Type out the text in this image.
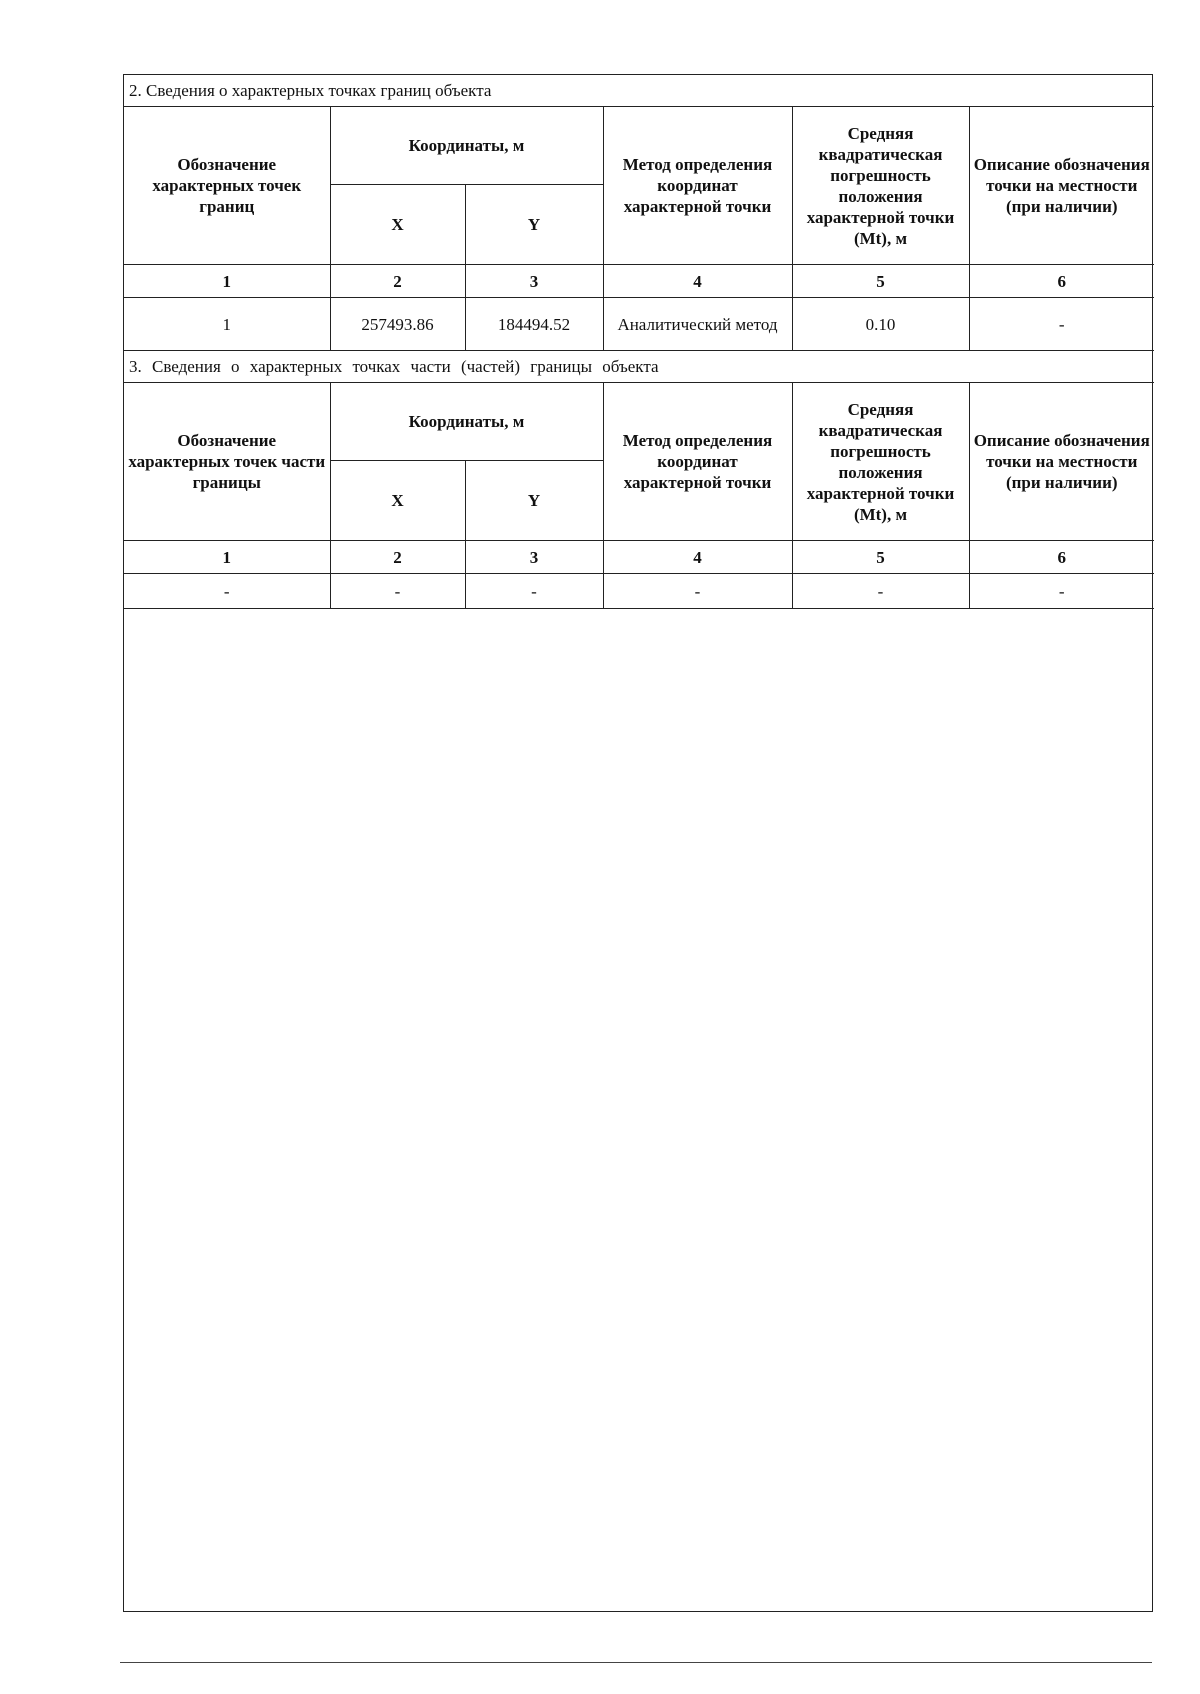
2. Сведения о характерных точках границ объекта					
Обозначение характерных точек границ	Координаты, м		Метод определения координат характерной точки	Средняя квадратическая погрешность положения характерной точки (Mt), м	Описание обозначения точки на местности (при наличии)
	X	Y			
1	2	3	4	5	6
1	257493.86	184494.52	Аналитический метод	0.10	-
3. Сведения о характерных точках части (частей) границы объекта					
Обозначение характерных точек части границы	Координаты, м		Метод определения координат характерной точки	Средняя квадратическая погрешность положения характерной точки (Mt), м	Описание обозначения точки на местности (при наличии)
	X	Y			
1	2	3	4	5	6
-	-	-	-	-	-
